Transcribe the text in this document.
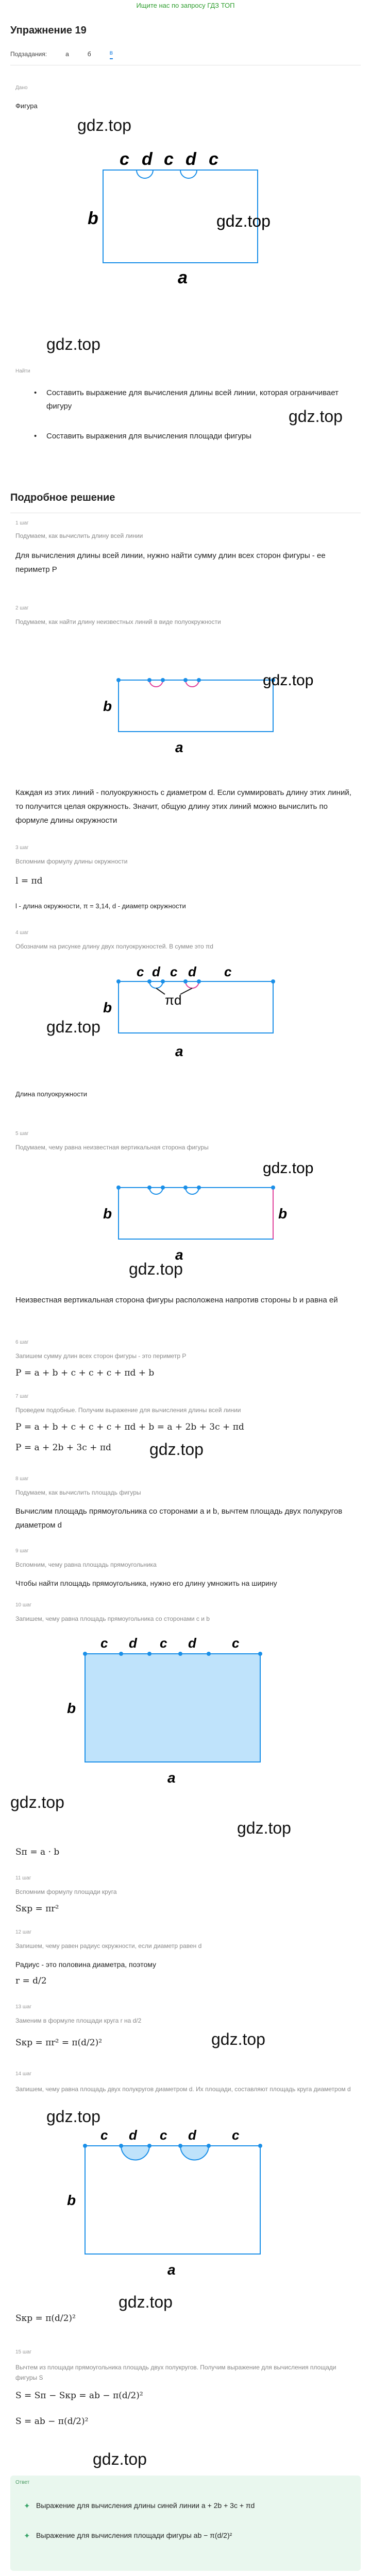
Ищите нас по запросу ГДЗ ТОП
Упражнение 19
Подзадания:	а	б	в
Дано
Фигура
gdz.top
c d c d c
b
a
gdz.top
gdz.top
Найти
• Составить выражение для вычисления длины всей линии, которая ограничивает фигуру
gdz.top
• Составить выражения для вычисления площади фигуры
Подробное решение
1 шаг
Подумаем, как вычислить длину всей линии
Для вычисления длины всей линии, нужно найти сумму длин всех сторон фигуры - ее периметр P
2 шаг
Подумаем, как найти длину неизвестных линий в виде полуокружности
b
a
gdz.top
Каждая из этих линий - полуокружность с диаметром d. Если суммировать длину этих линий, то получится целая окружность. Значит, общую длину этих линий можно вычислить по формуле длины окружности
3 шаг
Вспомним формулу длины окружности
l = πd
l - длина окружности, π = 3,14, d - диаметр окружности
4 шаг
Обозначим на рисунке длину двух полуокружностей. В сумме это πd
c d c d c
πd
b
a
gdz.top
Длина полуокружности
5 шаг
Подумаем, чему равна неизвестная вертикальная сторона фигуры
b	b
a
gdz.top
gdz.top
Неизвестная вертикальная сторона фигуры расположена напротив стороны b и равна ей
6 шаг
Запишем сумму длин всех сторон фигуры - это периметр P
P = a + b + c + c + c + πd + b
7 шаг
Проведем подобные. Получим выражение для вычисления длины всей линии
P = a + b + c + c + c + πd + b = a + 2b + 3c + πd
P = a + 2b + 3c + πd gdz.top
8 шаг
Подумаем, как вычислить площадь фигуры
Вычислим площадь прямоугольника со сторонами a и b, вычтем площадь двух полукругов диаметром d
9 шаг
Вспомним, чему равна площадь прямоугольника
Чтобы найти площадь прямоугольника, нужно его длину умножить на ширину
10 шаг
Запишем, чему равна площадь прямоугольника со сторонами c и b
c d c d	c
b
a
gdz.top
gdz.top
Sп = a · b
11 шаг
Вспомним формулу площади круга
Sкр = πr²
12 шаг
Запишем, чему равен радиус окружности, если диаметр равен d
Радиус - это половина диаметра, поэтому
r = d/2
13 шаг
Заменим в формуле площади круга r на d/2
Sкр = πr² = π(d/2)²	gdz.top
14 шаг
Запишем, чему равна площадь двух полукругов диаметром d. Их площади, составляют площадь круга диаметром d
gdz.top
c d c d	c
b
a
gdz.top
Sкр = π(d/2)²
15 шаг
Вычтем из площади прямоугольника площадь двух полукругов. Получим выражение для вычисления площади фигуры S
S = Sп − Sкр = ab − π(d/2)²
S = ab − π(d/2)²
gdz.top
Ответ
Выражение для вычисления длины синей линии a + 2b + 3c + πd
✦
Выражение для вычисления площади фигуры ab − π(d/2)²
✦
